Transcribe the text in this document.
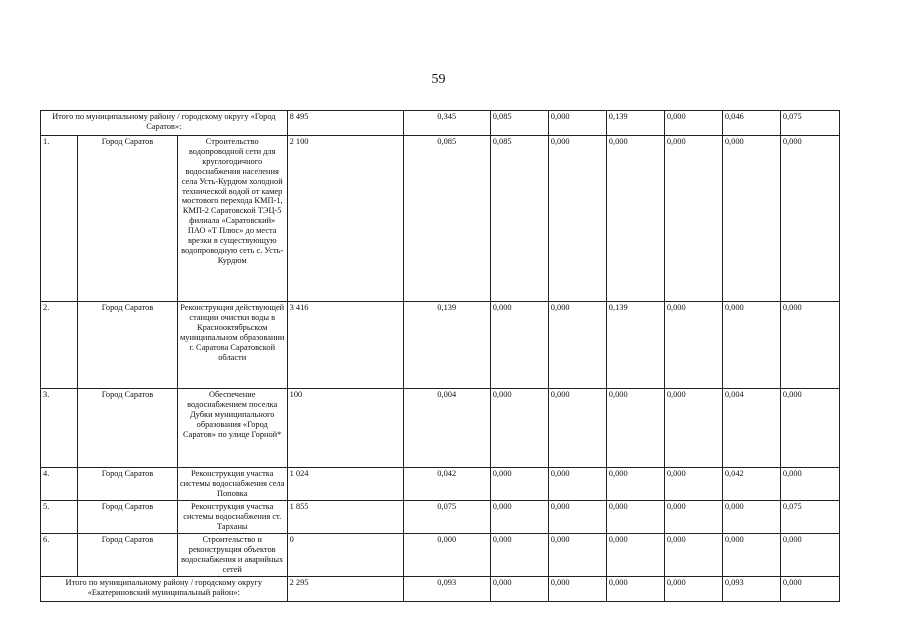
59
Итого по муниципальному району / городскому округу «Город Саратов»:			8 495	0,345	0,085	0,000	0,139	0,000	0,046	0,075
1.	Город Саратов	Строительство водопроводной сети для круглогодичного водоснабжения населения села Усть-Курдюм холодной технической водой от камер мостового перехода КМП-1, КМП-2 Саратовской ТЭЦ-5 филиала «Саратовский» ПАО «Т Плюс» до места врезки в существующую водопроводную сеть с. Усть-Курдюм	2 100	0,085	0,085	0,000	0,000	0,000	0,000	0,000
2.	Город Саратов	Реконструкция действующей станции очистки воды в Краснооктябрьском муниципальном образовании г. Саратова Саратовской области	3 416	0,139	0,000	0,000	0,139	0,000	0,000	0,000
3.	Город Саратов	Обеспечение водоснабжением поселка Дубки муниципального образования «Город Саратов» по улице Горной*	100	0,004	0,000	0,000	0,000	0,000	0,004	0,000
4.	Город Саратов	Реконструкция участка системы водоснабжения села Поповка	1 024	0,042	0,000	0,000	0,000	0,000	0,042	0,000
5.	Город Саратов	Реконструкция участка системы водоснабжения ст. Тарханы	1 855	0,075	0,000	0,000	0,000	0,000	0,000	0,075
6.	Город Саратов	Строительство и реконструкция объектов водоснабжения и аварийных сетей	0	0,000	0,000	0,000	0,000	0,000	0,000	0,000
Итого по муниципальному району / городскому округу «Екатериновский муниципальный район»:			2 295	0,093	0,000	0,000	0,000	0,000	0,093	0,000
